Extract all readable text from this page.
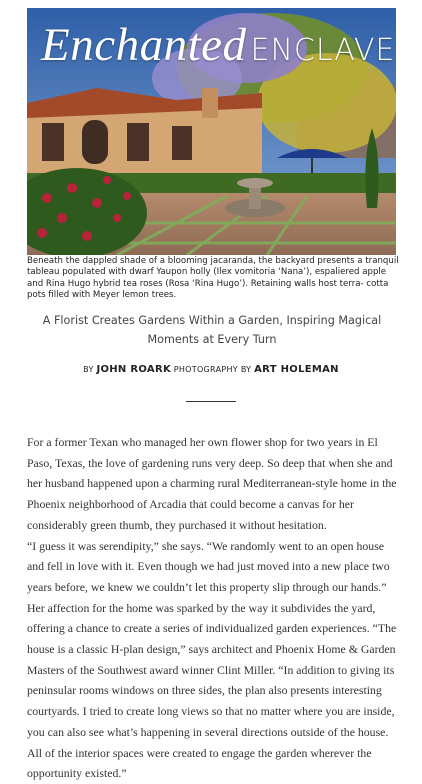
Enchanted ENCLAVE

Beneath the dappled shade of a blooming jacaranda, the backyard presents a tranquil tableau populated with dwarf Yaupon holly (Ilex vomitoria ‘Nana’), espaliered apple and Rina Hugo hybrid tea roses (Rosa ‘Rina Hugo’). Retaining walls host terra- cotta pots filled with Meyer lemon trees.

A Florist Creates Gardens Within a Garden, Inspiring Magical Moments at Every Turn

BY JOHN ROARK PHOTOGRAPHY BY ART HOLEMAN

For a former Texan who managed her own flower shop for two years in El Paso, Texas, the love of gardening runs very deep. So deep that when she and her husband happened upon a charming rural Mediterranean-style home in the Phoenix neighborhood of Arcadia that could become a canvas for her considerably green thumb, they purchased it without hesitation.

“I guess it was serendipity,” she says. “We randomly went to an open house and fell in love with it. Even though we had just moved into a new place two years before, we knew we couldn’t let this property slip through our hands.”

Her affection for the home was sparked by the way it subdivides the yard, offering a chance to create a series of individualized garden experiences. “The house is a classic H-plan design,” says architect and Phoenix Home & Garden Masters of the Southwest award winner Clint Miller. “In addition to giving its peninsular rooms windows on three sides, the plan also presents interesting courtyards. I tried to create long views so that no matter where you are inside, you can also see what’s happening in several directions outside of the house. All of the interior spaces were created to engage the garden wherever the opportunity existed.”
